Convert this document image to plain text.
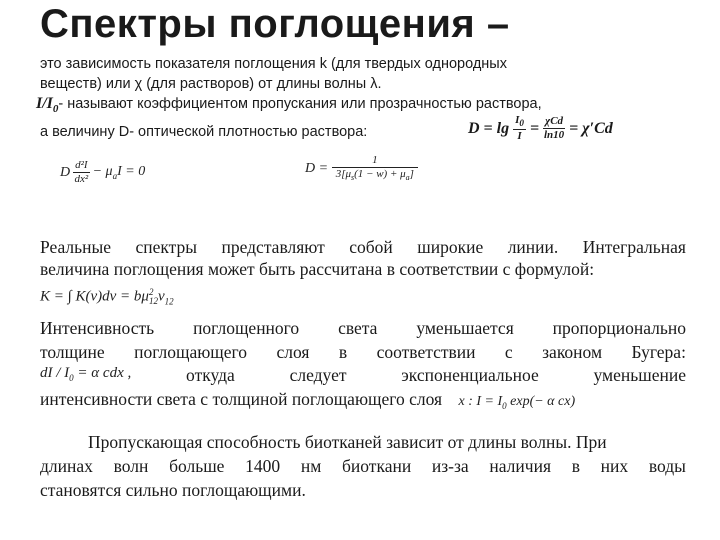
Спектры поглощения –
это зависимость показателя поглощения k (для твердых однородных
веществ) или χ (для растворов) от длины волны λ.
$I/I_0-$ называют коэффициентом пропускания или прозрачностью раствора,
а величину D- оптической плотностью раствора:	$D = \lg \frac{I_0}{I} = \frac{\text{χCd}}{\ln 10} = \chi'Cd$
D $\frac{\text{d²I}}{\text{dx²}} - \mu_aI = 0$	$D = \frac{1}{3[\mu_s(1 - w) + \mu_a]}$
Реальные спектры представляют собой широкие линии. Интегральная
величина поглощения может быть рассчитана в соответствии с формулой:
K = ∫ K(ν)dν = bμ 2
12 $\nu_{12}$
Интенсивность поглощенного света уменьшается пропорционально
толщине поглощающего слоя в соответствии с законом Бугера:
dI / $I_0 = \alpha$ cdx ,	откуда	следует	экспоненциальное	уменьшение
интенсивности света с толщиной поглощающего слоя x : $I = I_0$ exp(− α cx)
Пропускающая способность биотканей зависит от длины волны. При
длинах волн больше 1400 нм биоткани из-за наличия в них воды
становятся сильно поглощающими.
